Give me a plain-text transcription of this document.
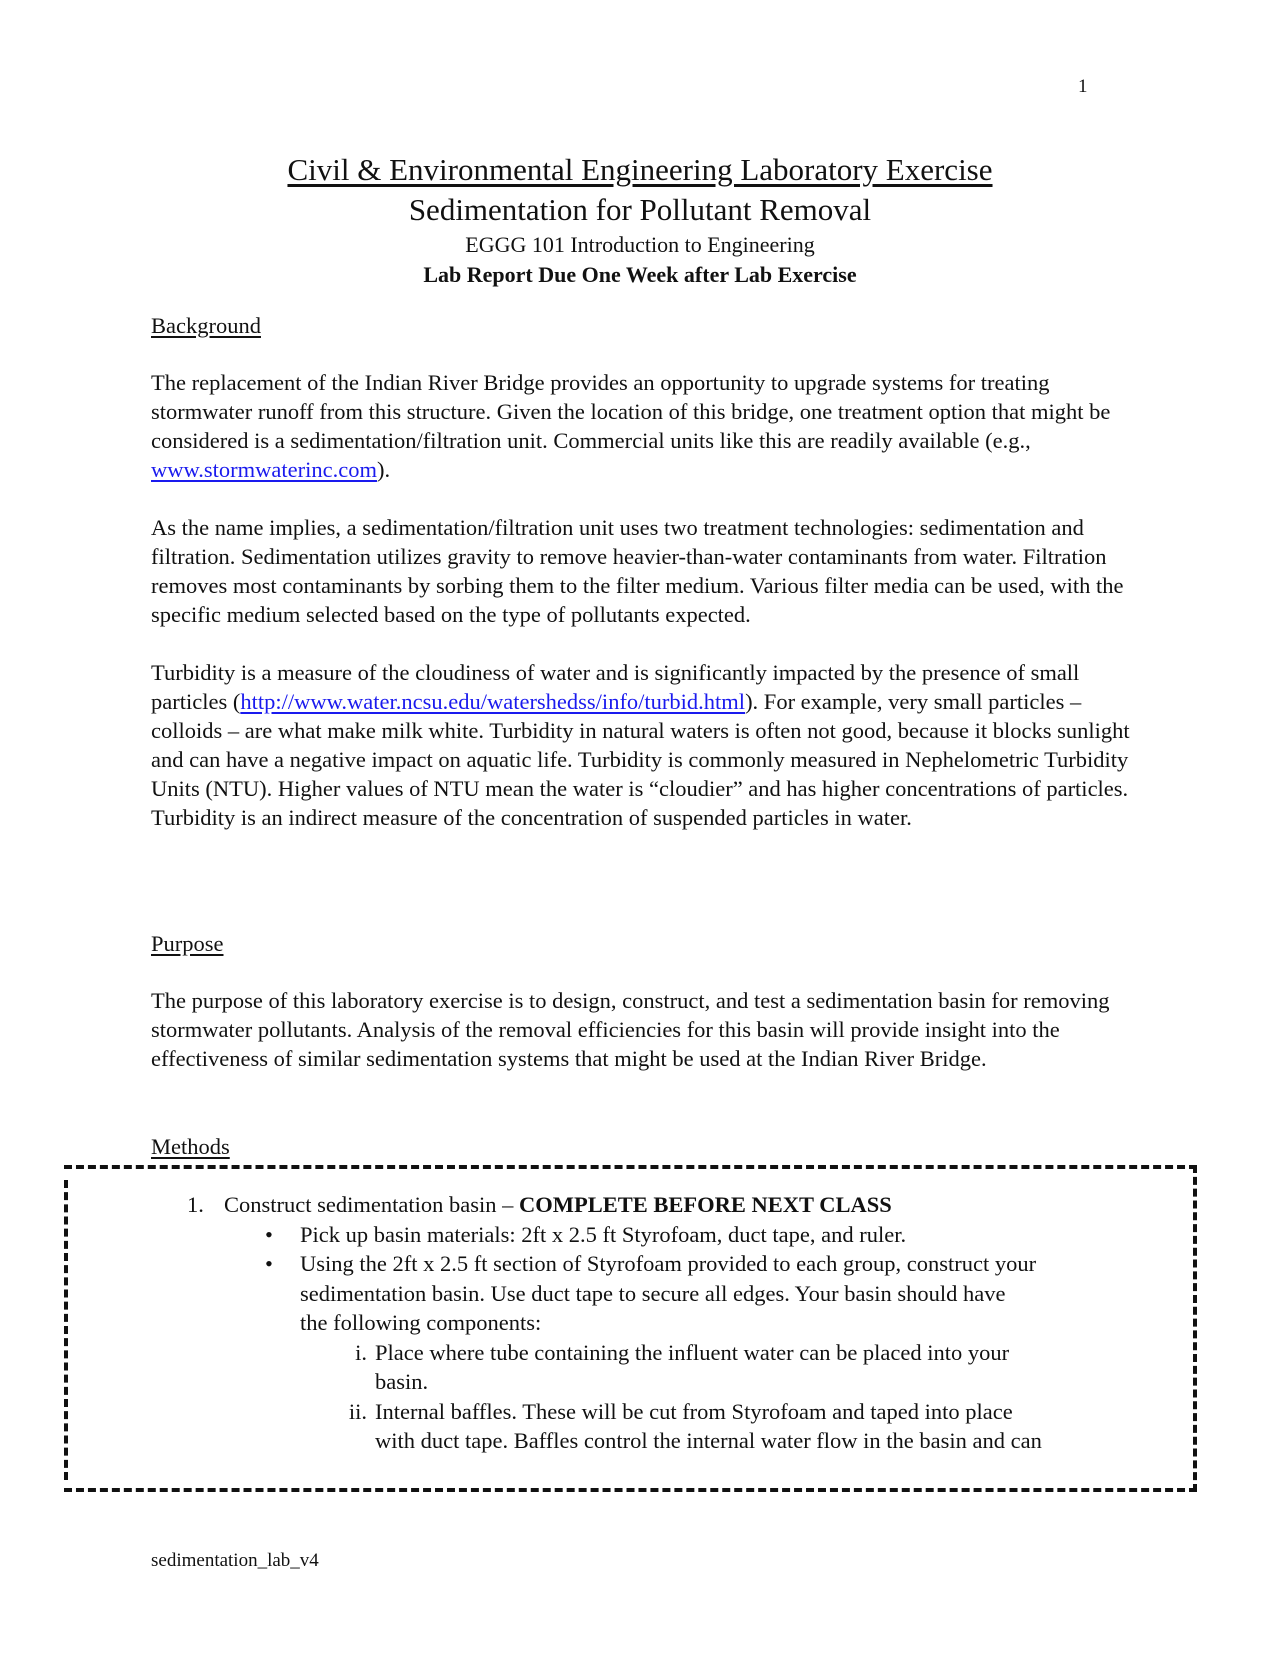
1
Civil & Environmental Engineering Laboratory Exercise
Sedimentation for Pollutant Removal
EGGG 101 Introduction to Engineering
Lab Report Due One Week after Lab Exercise

Background

The replacement of the Indian River Bridge provides an opportunity to upgrade systems for treating stormwater runoff from this structure. Given the location of this bridge, one treatment option that might be considered is a sedimentation/filtration unit. Commercial units like this are readily available (e.g., www.stormwaterinc.com).

As the name implies, a sedimentation/filtration unit uses two treatment technologies: sedimentation and filtration. Sedimentation utilizes gravity to remove heavier-than-water contaminants from water. Filtration removes most contaminants by sorbing them to the filter medium. Various filter media can be used, with the specific medium selected based on the type of pollutants expected.

Turbidity is a measure of the cloudiness of water and is significantly impacted by the presence of small particles (http://www.water.ncsu.edu/watershedss/info/turbid.html). For example, very small particles – colloids – are what make milk white. Turbidity in natural waters is often not good, because it blocks sunlight and can have a negative impact on aquatic life. Turbidity is commonly measured in Nephelometric Turbidity Units (NTU). Higher values of NTU mean the water is “cloudier” and has higher concentrations of particles. Turbidity is an indirect measure of the concentration of suspended particles in water.

Purpose

The purpose of this laboratory exercise is to design, construct, and test a sedimentation basin for removing stormwater pollutants. Analysis of the removal efficiencies for this basin will provide insight into the effectiveness of similar sedimentation systems that might be used at the Indian River Bridge.

Methods

1. Construct sedimentation basin – COMPLETE BEFORE NEXT CLASS
• Pick up basin materials: 2ft x 2.5 ft Styrofoam, duct tape, and ruler.
• Using the 2ft x 2.5 ft section of Styrofoam provided to each group, construct your
sedimentation basin. Use duct tape to secure all edges. Your basin should have
the following components:
i. Place where tube containing the influent water can be placed into your
basin.
ii. Internal baffles. These will be cut from Styrofoam and taped into place
with duct tape. Baffles control the internal water flow in the basin and can
sedimentation_lab_v4
